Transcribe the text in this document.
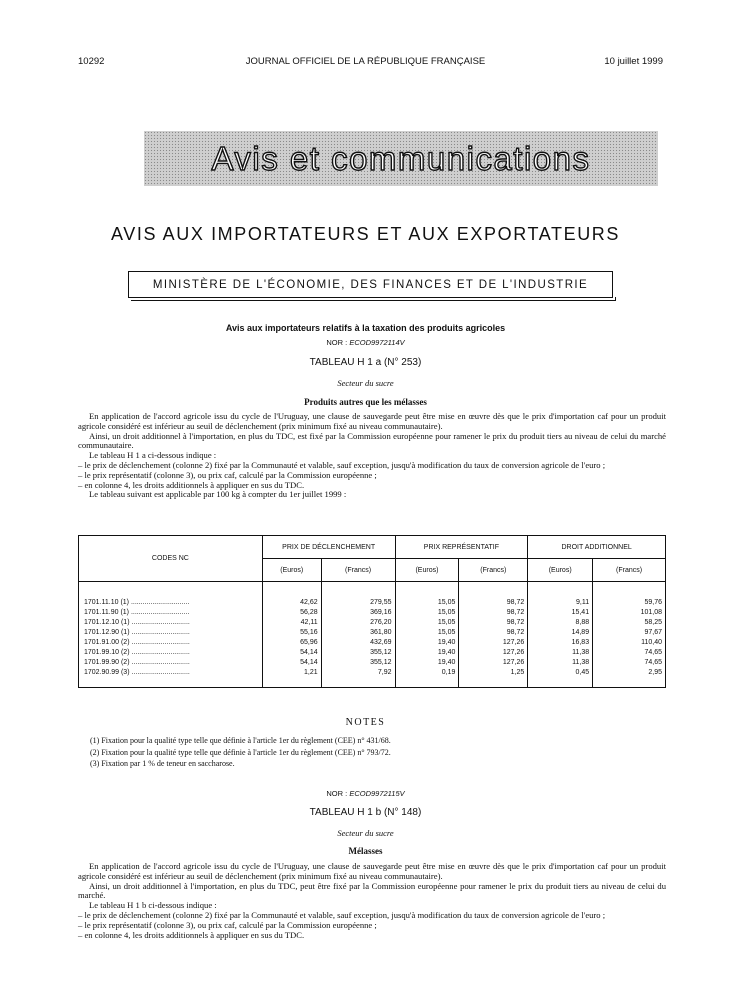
10292	JOURNAL OFFICIEL DE LA RÉPUBLIQUE FRANÇAISE	10 juillet 1999
Avis et communications
AVIS AUX IMPORTATEURS ET AUX EXPORTATEURS
MINISTÈRE DE L'ÉCONOMIE, DES FINANCES ET DE L'INDUSTRIE
Avis aux importateurs relatifs à la taxation des produits agricoles
NOR : ECOD9972114V
TABLEAU H 1 a (N° 253)
Secteur du sucre
Produits autres que les mélasses

En application de l'accord agricole issu du cycle de l'Uruguay, une clause de sauvegarde peut être mise en œuvre dès que le prix d'importation caf pour un produit agricole considéré est inférieur au seuil de déclenchement (prix minimum fixé au niveau communautaire).

Ainsi, un droit additionnel à l'importation, en plus du TDC, est fixé par la Commission européenne pour ramener le prix du produit tiers au niveau de celui du marché communautaire.

Le tableau H 1 a ci-dessous indique :

– le prix de déclenchement (colonne 2) fixé par la Communauté et valable, sauf exception, jusqu'à modification du taux de conversion agricole de l'euro ;

– le prix représentatif (colonne 3), ou prix caf, calculé par la Commission européenne ;

– en colonne 4, les droits additionnels à appliquer en sus du TDC.

Le tableau suivant est applicable par 100 kg à compter du 1er juillet 1999 :

CODES NC	PRIX DE DÉCLENCHEMENT		PRIX REPRÉSENTATIF		DROIT ADDITIONNEL	
	(Euros)	(Francs)	(Euros)	(Francs)	(Euros)	(Francs)

1701.11.10 (1) ..............................	42,62	279,55	15,05	98,72	9,11	59,76
1701.11.90 (1) ..............................	56,28	369,16	15,05	98,72	15,41	101,08
1701.12.10 (1) ..............................	42,11	276,20	15,05	98,72	8,88	58,25
1701.12.90 (1) ..............................	55,16	361,80	15,05	98,72	14,89	97,67
1701.91.00 (2) ..............................	65,96	432,69	19,40	127,26	16,83	110,40
1701.99.10 (2) ..............................	54,14	355,12	19,40	127,26	11,38	74,65
1701.99.90 (2) ..............................	54,14	355,12	19,40	127,26	11,38	74,65
1702.90.99 (3) ..............................	1,21	7,92	0,19	1,25	0,45	2,95

NOTES

(1) Fixation pour la qualité type telle que définie à l'article 1er du règlement (CEE) n° 431/68.

(2) Fixation pour la qualité type telle que définie à l'article 1er du règlement (CEE) n° 793/72.

(3) Fixation par 1 % de teneur en saccharose.

NOR : ECOD9972115V
TABLEAU H 1 b (N° 148)
Secteur du sucre
Mélasses

En application de l'accord agricole issu du cycle de l'Uruguay, une clause de sauvegarde peut être mise en œuvre dès que le prix d'importation caf pour un produit agricole considéré est inférieur au seuil de déclenchement (prix minimum fixé au niveau communautaire).

Ainsi, un droit additionnel à l'importation, en plus du TDC, peut être fixé par la Commission européenne pour ramener le prix du produit tiers au niveau de celui du marché.

Le tableau H 1 b ci-dessous indique :

– le prix de déclenchement (colonne 2) fixé par la Communauté et valable, sauf exception, jusqu'à modification du taux de conversion agricole de l'euro ;

– le prix représentatif (colonne 3), ou prix caf, calculé par la Commission européenne ;

– en colonne 4, les droits additionnels à appliquer en sus du TDC.
